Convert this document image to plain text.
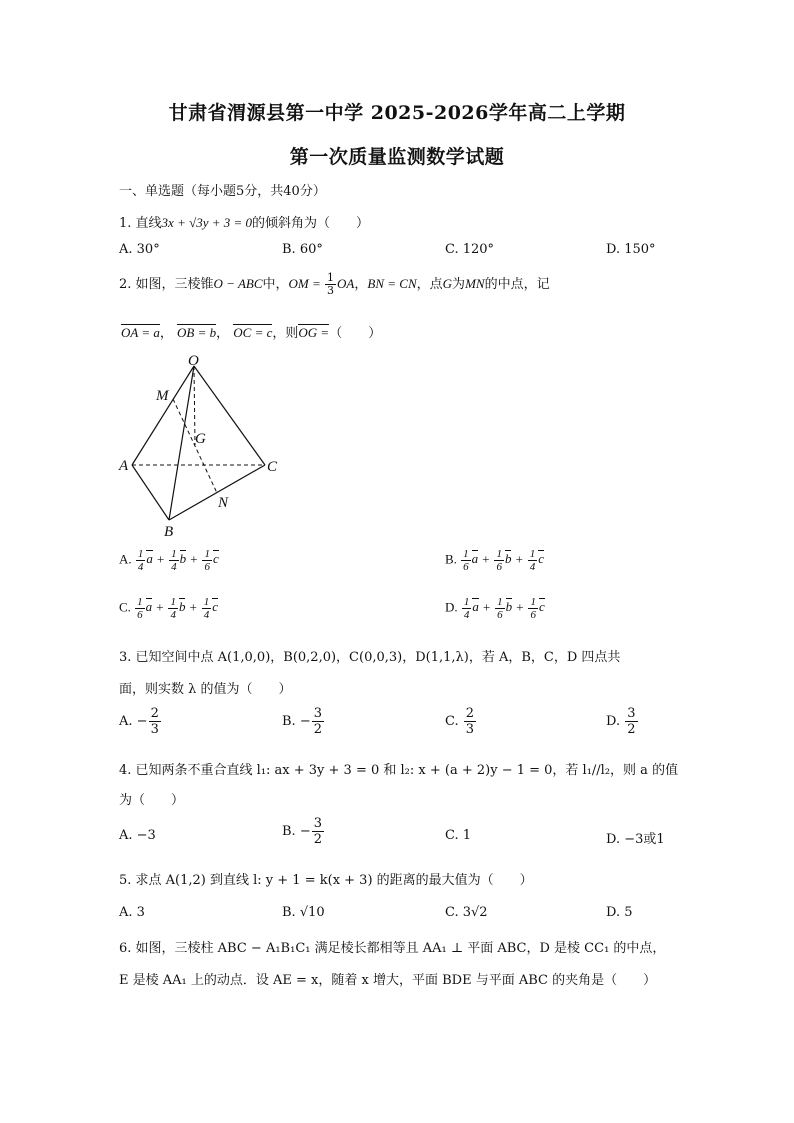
甘肃省渭源县第一中学 2025-2026学年高二上学期
第一次质量监测数学试题
一、单选题（每小题5分，共40分）
1. 直线3x + √3y + 3 = 0的倾斜角为（　　）
A. 30°	B. 60°	C. 120°	D. 150°
2. 如图，三棱锥O − ABC中，OM = $\frac{1}{3}$ OA，BN = CN，点G为MN的中点，记
OA = a， OB = b， OC = c，则OG =（　　）
O
M
G
A	C
N
B
A. $\frac{1}{4}$ $a + \frac{1}{4}$ $b + \frac{1}{6}$ c	B. $\frac{1}{6}$ $a + \frac{1}{6}$ $b + \frac{1}{4}$ c
C. $\frac{1}{6}$ $a + \frac{1}{4}$ $b + \frac{1}{4}$ c	D. $\frac{1}{4}$ $a + \frac{1}{6}$ $b + \frac{1}{6}$ c
3. 已知空间中点 A(1,0,0)，B(0,2,0)，C(0,0,3)，D(1,1,λ)，若 A，B，C，D 四点共
面，则实数 λ 的值为（　　）
A. − $\frac{2}{3}$	B. − $\frac{3}{2}$	C. $\frac{2}{3}$	D. $\frac{3}{2}$
4. 已知两条不重合直线 l₁: ax + 3y + 3 = 0 和 l₂: x + (a + 2)y − 1 = 0，若 l₁//l₂，则 a 的值
为（　　）
A. −3	B. − $\frac{3}{2}$	C. 1	D. −3或1
5. 求点 A(1,2) 到直线 l: y + 1 = k(x + 3) 的距离的最大值为（　　）
A. 3	B. √10	C. 3√2	D. 5
6. 如图，三棱柱 ABC − A₁B₁C₁ 满足棱长都相等且 AA₁ ⊥ 平面 ABC，D 是棱 CC₁ 的中点，
E 是棱 AA₁ 上的动点．设 AE = x，随着 x 增大，平面 BDE 与平面 ABC 的夹角是（　　）
